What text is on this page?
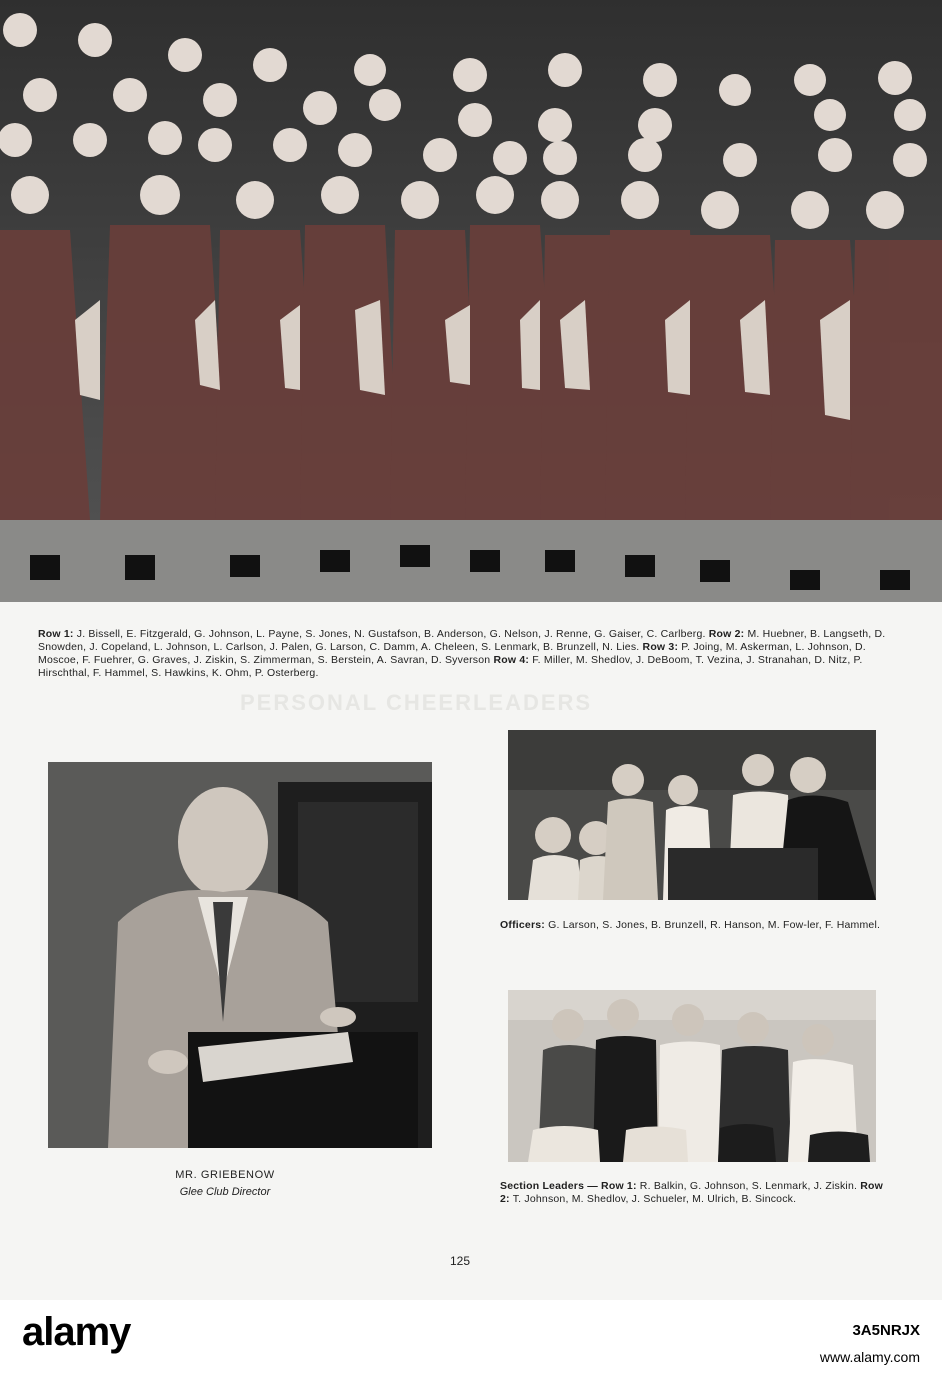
Row 1: J. Bissell, E. Fitzgerald, G. Johnson, L. Payne, S. Jones, N. Gustafson, B. Anderson, G. Nelson, J. Renne, G. Gaiser, C. Carlberg. Row 2: M. Huebner, B. Langseth, D. Snowden, J. Copeland, L. Johnson, L. Carlson, J. Palen, G. Larson, C. Damm, A. Cheleen, S. Lenmark, B. Brunzell, N. Lies. Row 3: P. Joing, M. Askerman, L. Johnson, D. Moscoe, F. Fuehrer, G. Graves, J. Ziskin, S. Zimmerman, S. Berstein, A. Savran, D. Syverson Row 4: F. Miller, M. Shedlov, J. DeBoom, T. Vezina, J. Stranahan, D. Nitz, P. Hirschthal, F. Hammel, S. Hawkins, K. Ohm, P. Osterberg.
PERSONAL CHEERLEADERS
MR. GRIEBENOW
Glee Club Director
Officers: G. Larson, S. Jones, B. Brunzell, R. Hanson, M. Fow-ler, F. Hammel.
Section Leaders — Row 1: R. Balkin, G. Johnson, S. Lenmark, J. Ziskin. Row 2: T. Johnson, M. Shedlov, J. Schueler, M. Ulrich, B. Sincock.
125
alamy	3A5NRJX
www.alamy.com
